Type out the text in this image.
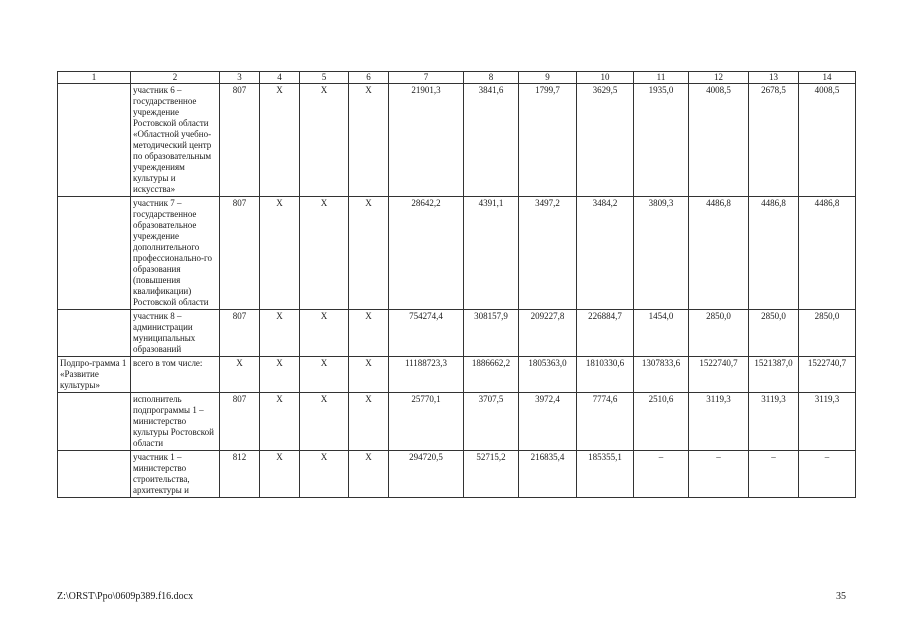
1	2	3	4	5	6	7	8	9	10	11	12	13	14
	участник 6 – государственное учреждение Ростовской области «Областной учебно-методический центр по образовательным учреждениям культуры и искусства»	807	Х	Х	Х	21901,3	3841,6	1799,7	3629,5	1935,0	4008,5	2678,5	4008,5
	участник 7 – государственное образовательное учреждение дополнительного профессионально-го образования (повышения квалификации) Ростовской области	807	Х	Х	Х	28642,2	4391,1	3497,2	3484,2	3809,3	4486,8	4486,8	4486,8
	участник 8 – администрации муниципальных образований	807	Х	Х	Х	754274,4	308157,9	209227,8	226884,7	1454,0	2850,0	2850,0	2850,0
Подпро-грамма 1 «Развитие культуры»	всего в том числе:	Х	Х	Х	Х	11188723,3	1886662,2	1805363,0	1810330,6	1307833,6	1522740,7	1521387,0	1522740,7
	исполнитель подпрограммы 1 – министерство культуры Ростовской области	807	Х	Х	Х	25770,1	3707,5	3972,4	7774,6	2510,6	3119,3	3119,3	3119,3
	участник 1 – министерство строительства, архитектуры и	812	Х	Х	Х	294720,5	52715,2	216835,4	185355,1	–	–	–	–
Z:\ORST\Ppo\0609p389.f16.docx	35
